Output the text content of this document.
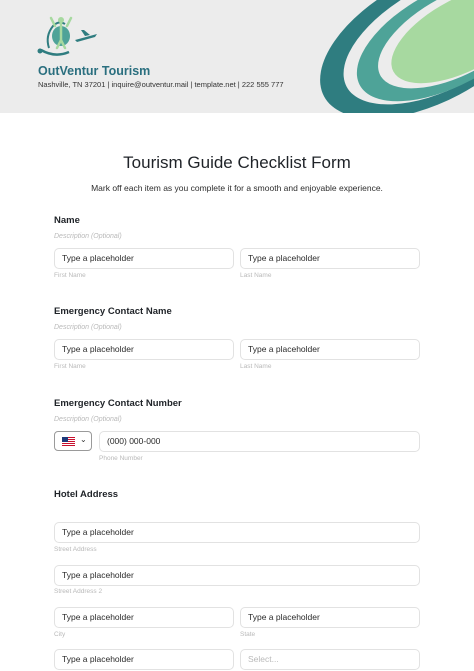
OutVentur Tourism
Nashville, TN 37201 | inquire@outventur.mail | template.net | 222 555 777
Tourism Guide Checklist Form
Mark off each item as you complete it for a smooth and enjoyable experience.
Name
Description (Optional)
Type a placeholder	Type a placeholder
First Name	Last Name
Emergency Contact Name
Description (Optional)
Type a placeholder	Type a placeholder
First Name	Last Name
Emergency Contact Number
Description (Optional)
⌄	(000) 000-000
Phone Number
Hotel Address
Type a placeholder
Street Address
Type a placeholder
Street Address 2
Type a placeholder	Type a placeholder
City	State
Type a placeholder	Select...
